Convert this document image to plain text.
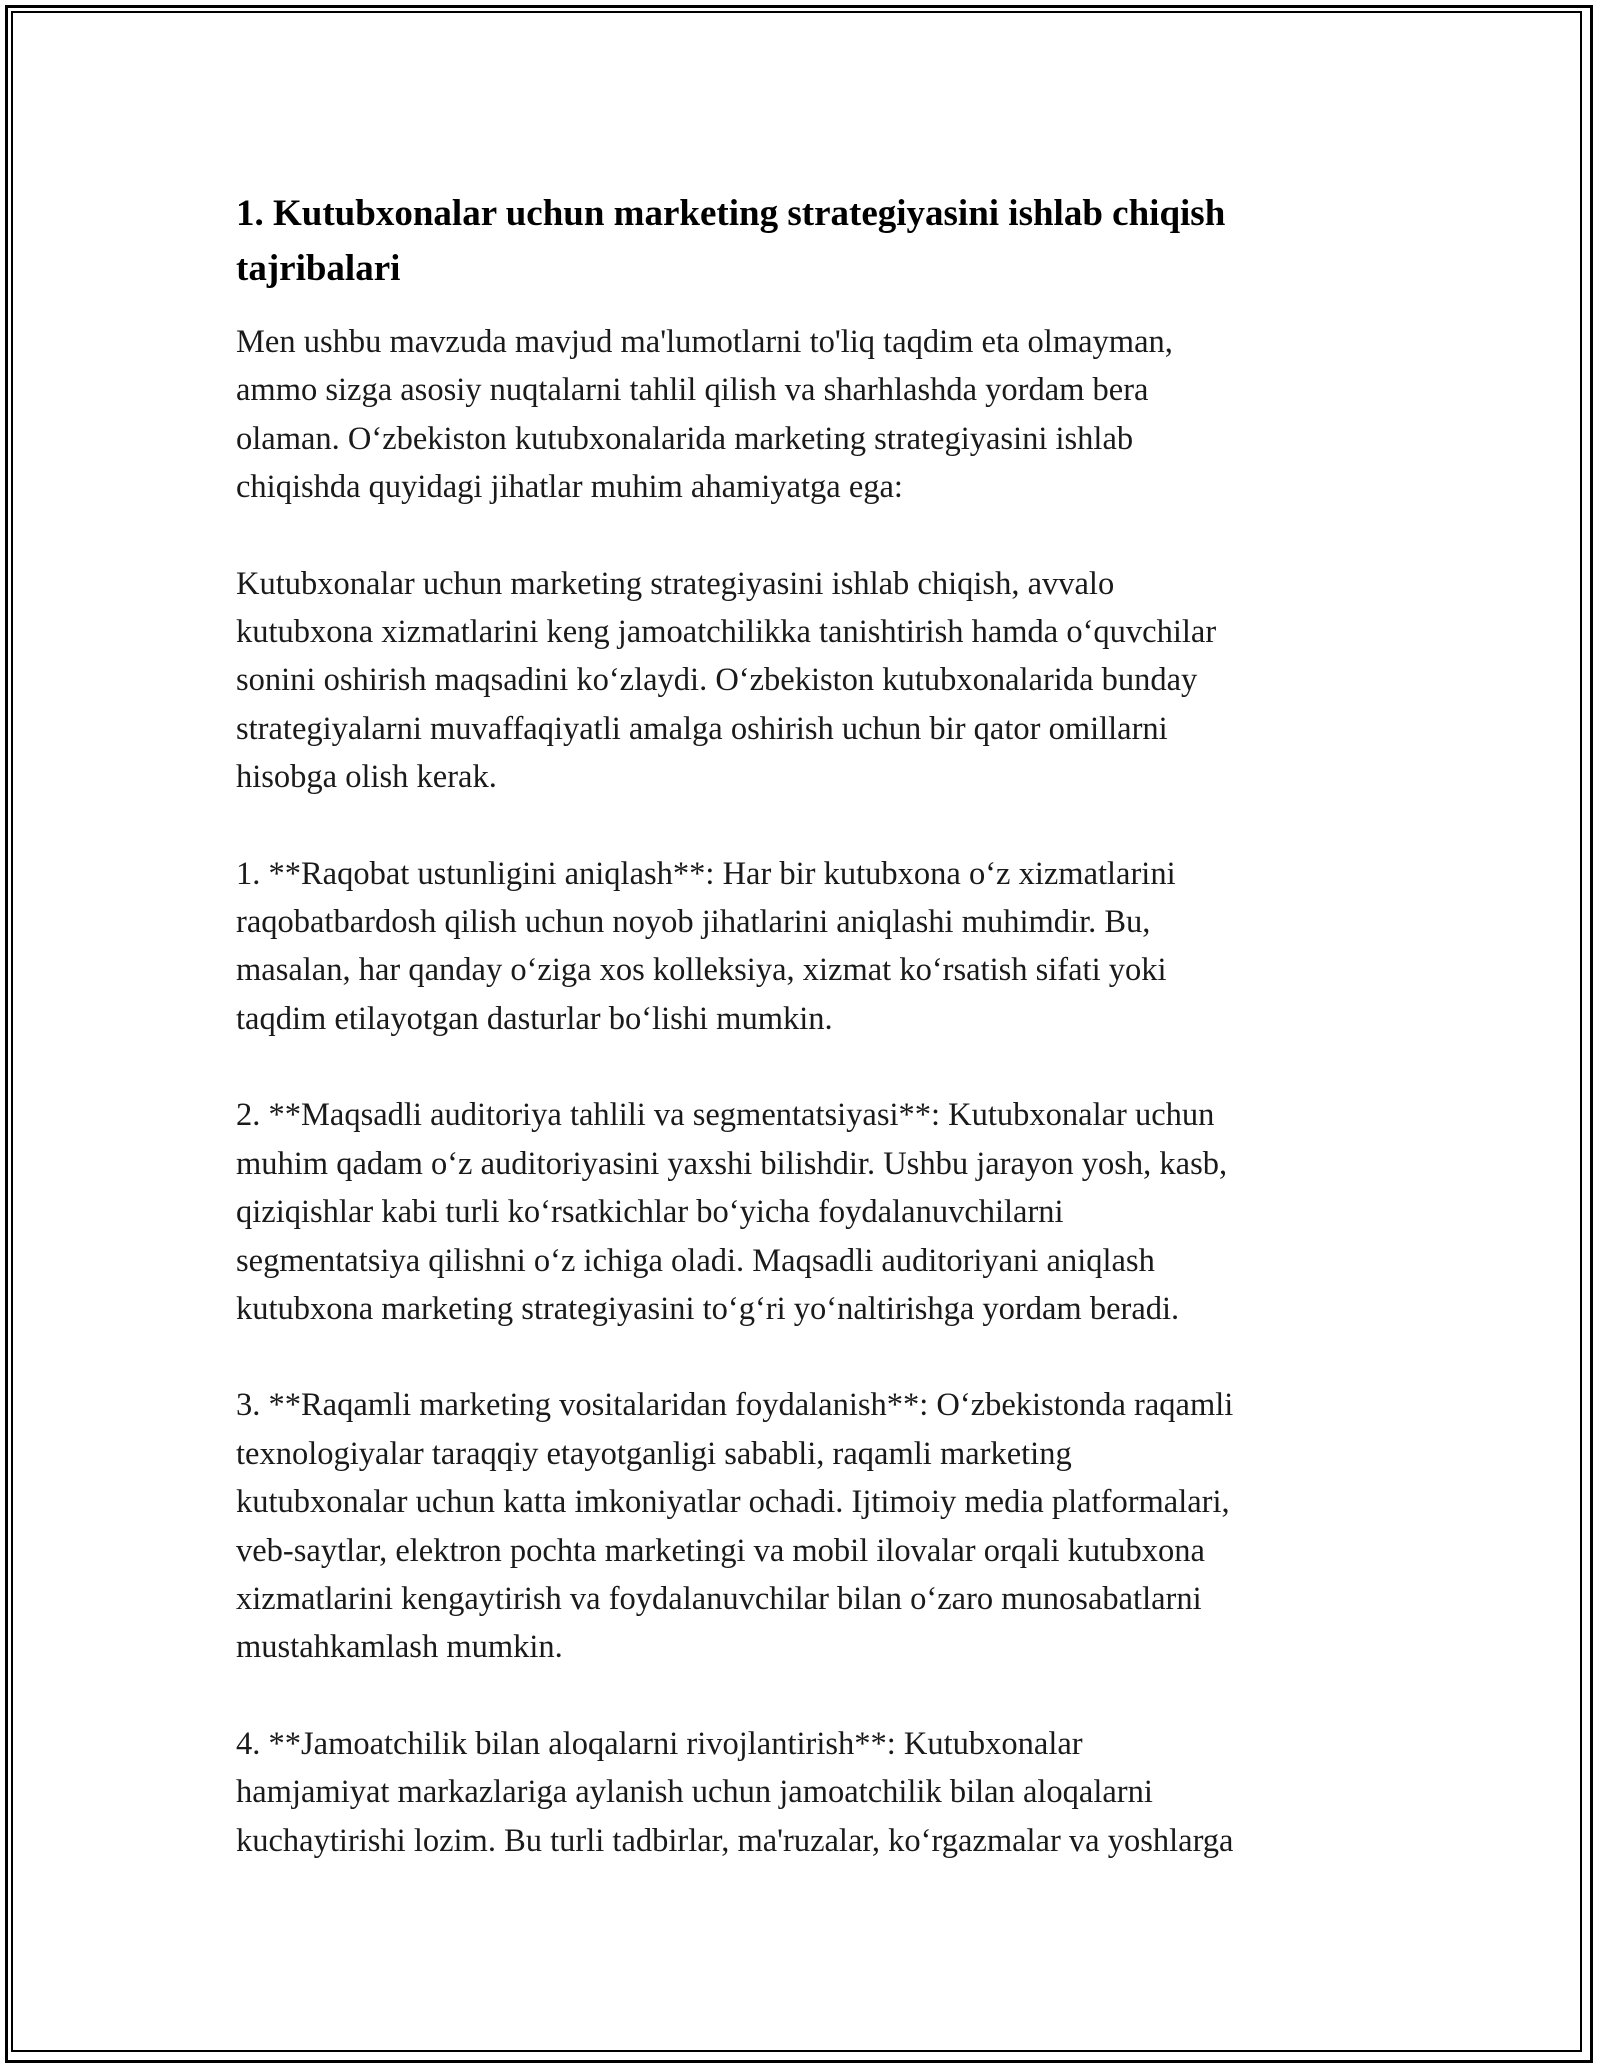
1. Kutubxonalar uchun marketing strategiyasini ishlab chiqish tajribalari

Men ushbu mavzuda mavjud ma'lumotlarni to'liq taqdim eta olmayman,
ammo sizga asosiy nuqtalarni tahlil qilish va sharhlashda yordam bera
olaman. O‘zbekiston kutubxonalarida marketing strategiyasini ishlab
chiqishda quyidagi jihatlar muhim ahamiyatga ega:

Kutubxonalar uchun marketing strategiyasini ishlab chiqish, avvalo
kutubxona xizmatlarini keng jamoatchilikka tanishtirish hamda o‘quvchilar
sonini oshirish maqsadini ko‘zlaydi. O‘zbekiston kutubxonalarida bunday
strategiyalarni muvaffaqiyatli amalga oshirish uchun bir qator omillarni
hisobga olish kerak.

1. **Raqobat ustunligini aniqlash**: Har bir kutubxona o‘z xizmatlarini
raqobatbardosh qilish uchun noyob jihatlarini aniqlashi muhimdir. Bu,
masalan, har qanday o‘ziga xos kolleksiya, xizmat ko‘rsatish sifati yoki
taqdim etilayotgan dasturlar bo‘lishi mumkin.

2. **Maqsadli auditoriya tahlili va segmentatsiyasi**: Kutubxonalar uchun
muhim qadam o‘z auditoriyasini yaxshi bilishdir. Ushbu jarayon yosh, kasb,
qiziqishlar kabi turli ko‘rsatkichlar bo‘yicha foydalanuvchilarni
segmentatsiya qilishni o‘z ichiga oladi. Maqsadli auditoriyani aniqlash
kutubxona marketing strategiyasini to‘g‘ri yo‘naltirishga yordam beradi.

3. **Raqamli marketing vositalaridan foydalanish**: O‘zbekistonda raqamli
texnologiyalar taraqqiy etayotganligi sababli, raqamli marketing
kutubxonalar uchun katta imkoniyatlar ochadi. Ijtimoiy media platformalari,
veb-saytlar, elektron pochta marketingi va mobil ilovalar orqali kutubxona
xizmatlarini kengaytirish va foydalanuvchilar bilan o‘zaro munosabatlarni
mustahkamlash mumkin.

4. **Jamoatchilik bilan aloqalarni rivojlantirish**: Kutubxonalar
hamjamiyat markazlariga aylanish uchun jamoatchilik bilan aloqalarni
kuchaytirishi lozim. Bu turli tadbirlar, ma'ruzalar, ko‘rgazmalar va yoshlarga
